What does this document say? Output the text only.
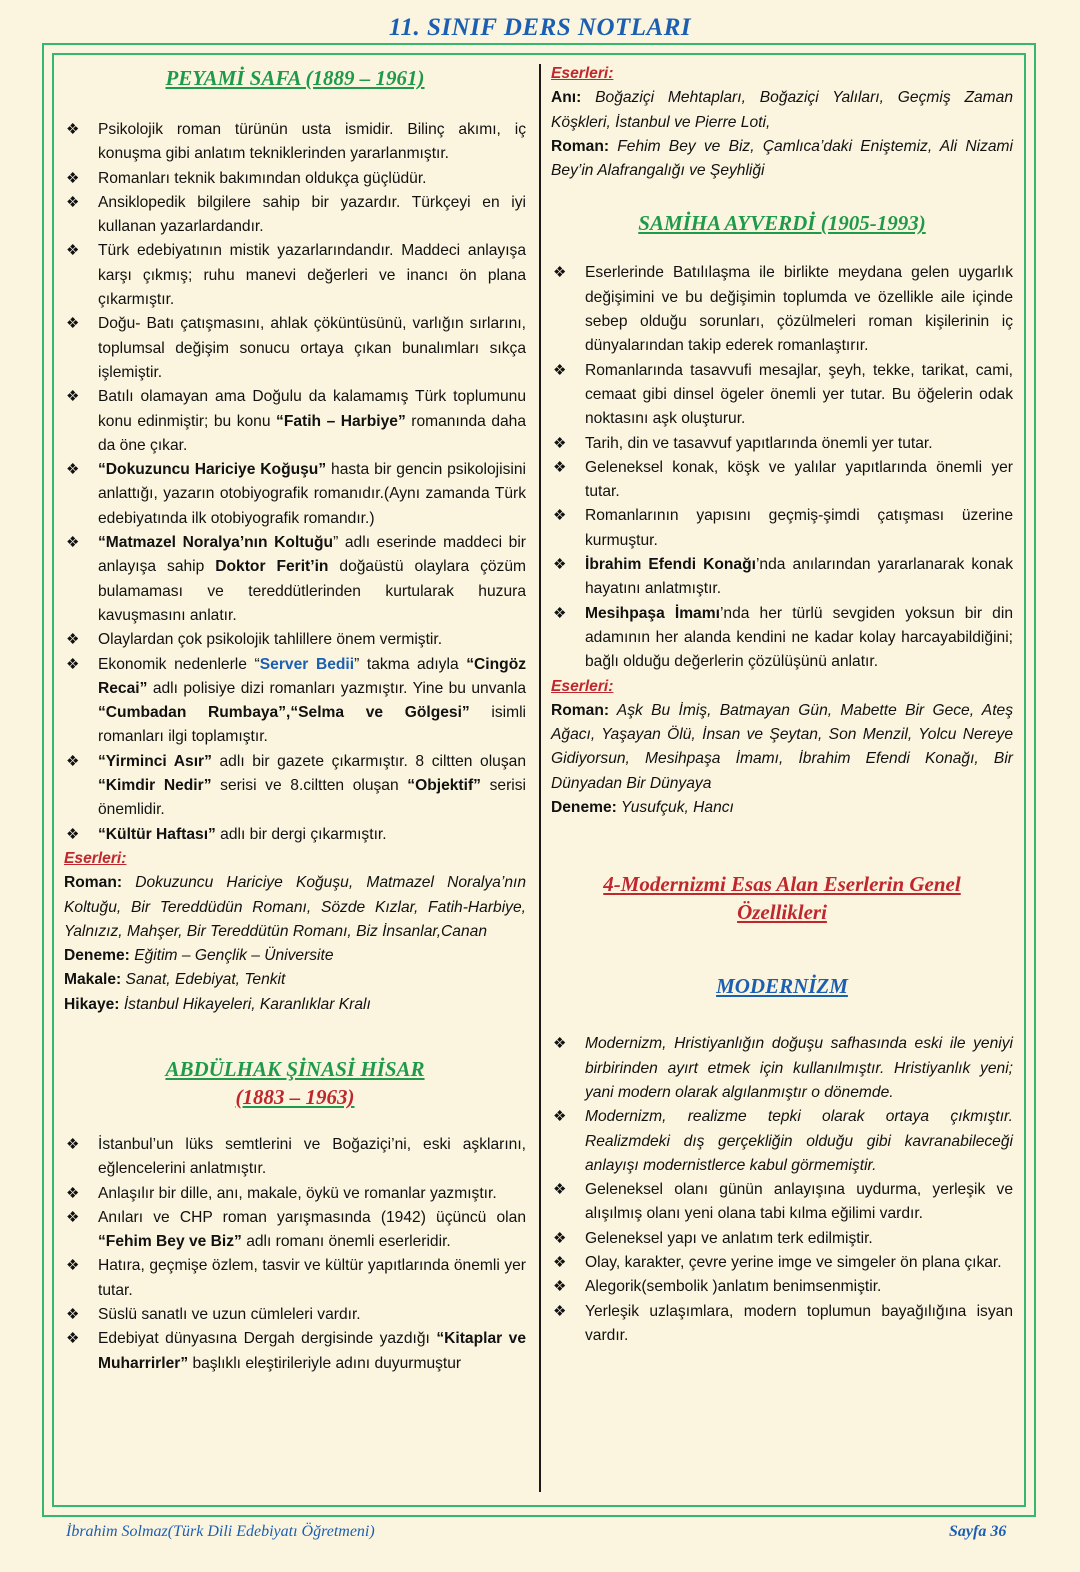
11. SINIF DERS NOTLARI
PEYAMİ SAFA (1889 – 1961)
❖ Psikolojik roman türünün usta ismidir. Bilinç akımı, iç konuşma gibi anlatım tekniklerinden yararlanmıştır.
❖ Romanları teknik bakımından oldukça güçlüdür.
❖ Ansiklopedik bilgilere sahip bir yazardır. Türkçeyi en iyi kullanan yazarlardandır.
❖ Türk edebiyatının mistik yazarlarındandır. Maddeci anlayışa karşı çıkmış; ruhu manevi değerleri ve inancı ön plana çıkarmıştır.
❖ Doğu- Batı çatışmasını, ahlak çöküntüsünü, varlığın sırlarını, toplumsal değişim sonucu ortaya çıkan bunalımları sıkça işlemiştir.
❖ Batılı olamayan ama Doğulu da kalamamış Türk toplumunu konu edinmiştir; bu konu “Fatih – Harbiye” romanında daha da öne çıkar.
❖ “Dokuzuncu Hariciye Koğuşu” hasta bir gencin psikolojisini anlattığı, yazarın otobiyografik romanıdır.(Aynı zamanda Türk edebiyatında ilk otobiyografik romandır.)
❖ “Matmazel Noralya’nın Koltuğu” adlı eserinde maddeci bir anlayışa sahip Doktor Ferit’in doğaüstü olaylara çözüm bulamaması ve tereddütlerinden kurtularak huzura kavuşmasını anlatır.
❖ Olaylardan çok psikolojik tahlillere önem vermiştir.
❖ Ekonomik nedenlerle “Server Bedii” takma adıyla “Cingöz Recai” adlı polisiye dizi romanları yazmıştır. Yine bu unvanla “Cumbadan Rumbaya”,“Selma ve Gölgesi” isimli romanları ilgi toplamıştır.
❖ “Yirminci Asır” adlı bir gazete çıkarmıştır. 8 ciltten oluşan “Kimdir Nedir” serisi ve 8.ciltten oluşan “Objektif” serisi önemlidir.
❖ “Kültür Haftası” adlı bir dergi çıkarmıştır.

Eserleri:

Roman: Dokuzuncu Hariciye Koğuşu, Matmazel Noralya’nın Koltuğu, Bir Tereddüdün Romanı, Sözde Kızlar, Fatih-Harbiye, Yalnızız, Mahşer, Bir Tereddütün Romanı, Biz İnsanlar,Canan

Deneme: Eğitim – Gençlik – Üniversite

Makale: Sanat, Edebiyat, Tenkit

Hikaye: İstanbul Hikayeleri, Karanlıklar Kralı

ABDÜLHAK ŞİNASİ HİSAR
(1883 – 1963)
❖ İstanbul’un lüks semtlerini ve Boğaziçi’ni, eski aşklarını, eğlencelerini anlatmıştır.
❖ Anlaşılır bir dille, anı, makale, öykü ve romanlar yazmıştır.
❖ Anıları ve CHP roman yarışmasında (1942) üçüncü olan “Fehim Bey ve Biz” adlı romanı önemli eserleridir.
❖ Hatıra, geçmişe özlem, tasvir ve kültür yapıtlarında önemli yer tutar.
❖ Süslü sanatlı ve uzun cümleleri vardır.
❖ Edebiyat dünyasına Dergah dergisinde yazdığı “Kitaplar ve Muharrirler” başlıklı eleştirileriyle adını duyurmuştur

Eserleri:

Anı: Boğaziçi Mehtapları, Boğaziçi Yalıları, Geçmiş Zaman Köşkleri, İstanbul ve Pierre Loti,

Roman: Fehim Bey ve Biz, Çamlıca’daki Eniştemiz, Ali Nizami Bey’in Alafrangalığı ve Şeyhliği

SAMİHA AYVERDİ (1905-1993)
❖ Eserlerinde Batılılaşma ile birlikte meydana gelen uygarlık değişimini ve bu değişimin toplumda ve özellikle aile içinde sebep olduğu sorunları, çözülmeleri roman kişilerinin iç dünyalarından takip ederek romanlaştırır.
❖ Romanlarında tasavvufi mesajlar, şeyh, tekke, tarikat, cami, cemaat gibi dinsel ögeler önemli yer tutar. Bu öğelerin odak noktasını aşk oluşturur.
❖ Tarih, din ve tasavvuf yapıtlarında önemli yer tutar.
❖ Geleneksel konak, köşk ve yalılar yapıtlarında önemli yer tutar.
❖ Romanlarının yapısını geçmiş-şimdi çatışması üzerine kurmuştur.
❖ İbrahim Efendi Konağı’nda anılarından yararlanarak konak hayatını anlatmıştır.
❖ Mesihpaşa İmamı’nda her türlü sevgiden yoksun bir din adamının her alanda kendini ne kadar kolay harcayabildiğini; bağlı olduğu değerlerin çözülüşünü anlatır.

Eserleri:

Roman: Aşk Bu İmiş, Batmayan Gün, Mabette Bir Gece, Ateş Ağacı, Yaşayan Ölü, İnsan ve Şeytan, Son Menzil, Yolcu Nereye Gidiyorsun, Mesihpaşa İmamı, İbrahim Efendi Konağı, Bir Dünyadan Bir Dünyaya

Deneme: Yusufçuk, Hancı

4-Modernizmi Esas Alan Eserlerin Genel
Özellikleri
MODERNİZM
❖ Modernizm, Hristiyanlığın doğuşu safhasında eski ile yeniyi birbirinden ayırt etmek için kullanılmıştır. Hristiyanlık yeni; yani modern olarak algılanmıştır o dönemde.
❖ Modernizm, realizme tepki olarak ortaya çıkmıştır. Realizmdeki dış gerçekliğin olduğu gibi kavranabileceği anlayışı modernistlerce kabul görmemiştir.
❖ Geleneksel olanı günün anlayışına uydurma, yerleşik ve alışılmış olanı yeni olana tabi kılma eğilimi vardır.
❖ Geleneksel yapı ve anlatım terk edilmiştir.
❖ Olay, karakter, çevre yerine imge ve simgeler ön plana çıkar.
❖ Alegorik(sembolik )anlatım benimsenmiştir.
❖ Yerleşik uzlaşımlara, modern toplumun bayağılığına isyan vardır.
İbrahim Solmaz(Türk Dili Edebiyatı Öğretmeni)	Sayfa 36
